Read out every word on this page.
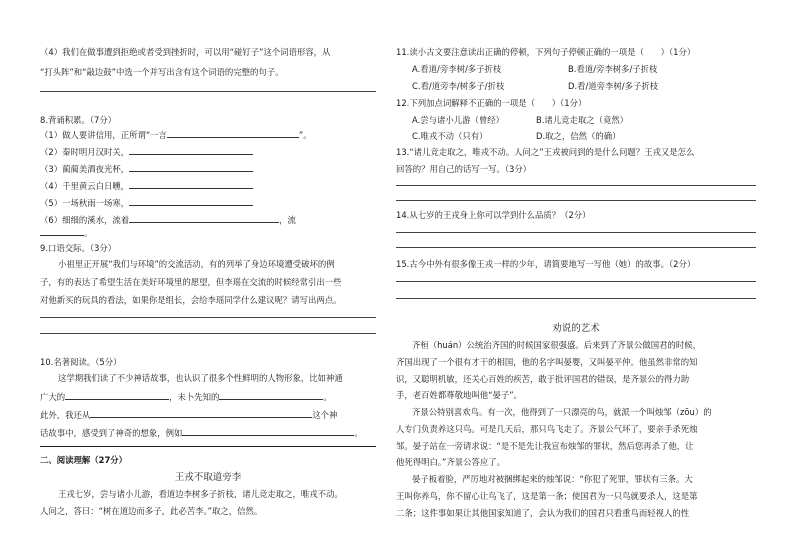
（4）我们在做事遭到拒绝或者受到挫折时，可以用“碰钉子”这个词语形容，从
“打头阵”和“敲边鼓”中选一个并写出含有这个词语的完整的句子。
8.背诵积累。（7分）
（1）做人要讲信用，正所谓“一言	”。
（2）秦时明月汉时关，
（3）蔺蔺美酒夜光杯，
（4）千里黄云白日曛，
（5）一场秋雨一场寒，
（6）细细的溪水，流着	，流
。
9.口语交际。（3分）
小祖里正开展“我们与环境”的交流活动，有的列举了身边环境遭受破坏的例
子，有的表达了希望生活在美好环境里的愿望，但李瑶在交流的时候经常引出一些
对他新买的玩具的看法，如果你是组长，会给李瑶同学什么建议呢？请写出两点。
10.名著阅读。（5分）
这学期我们读了不少神话故事，也认识了很多个性鲜明的人物形象，比如神通
广大的	，未卜先知的	。
此外，我还从	这个神
话故事中，感受到了神奇的想象，例如	。
二、阅读理解（27分）
王戎不取道旁李
王戎七岁，尝与诸小儿游，看道边李树多子折枝，诸儿竞走取之，唯戎不动。
人问之，答曰：“树在道边而多子，此必苦李。”取之，信然。
11.读小古文要注意读出正确的停顿，下列句子停顿正确的一项是（　　）（1分）
A.看道/旁李树/多子折枝	B.看道/旁李树多/子折枝
C.看/道旁李/树多子/折枝	D.看/道旁李树/多子折枝
12.下列加点词解释不正确的一项是（　　）（1分）
A.尝与诸小儿游（曾经）	B.诸儿竞走取之（竟然）
C.唯戎不动（只有）	D.取之，信然（的确）
13.“诸儿竞走取之，唯戎不动。人问之”王戎被问到的是什么问题？王戎又是怎么
回答的？用自己的话写一写。（3分）
14.从七岁的王戎身上你可以学到什么品质？（2分）
15.古今中外有很多像王戎一样的少年，请简要地写一写他（她）的故事。（2分）
劝说的艺术
齐桓（huán）公统治齐国的时候国家很强盛。后来到了齐景公做国君的时候，
齐国出现了一个很有才干的相国，他的名字叫晏婴，又叫晏平仲。他虽然非常的知
识，又聪明机敏，还关心百姓的疾苦，敢于批评国君的错误，是齐景公的得力助
手，老百姓都尊敬地叫他“晏子”。
齐景公特别喜欢鸟。有一次，他得到了一只漂亮的鸟，就派一个叫烛邹（zōu）的
人专门负责养这只鸟。可是几天后，那只鸟飞走了。齐景公气坏了，要亲手杀死烛
邹。晏子站在一旁请求说：“是不是先让我宣布烛邹的罪状，然后您再杀了他，让
他死得明白。”齐景公答应了。
晏子板着脸，严厉地对被捆绑起来的烛邹说：“你犯了死罪，罪状有三条。大
王叫你养鸟，你不留心让鸟飞了，这是第一条；使国君为一只鸟就要杀人，这是第
二条；这件事如果让其他国家知道了，会认为我们的国君只看重鸟而轻视人的性
